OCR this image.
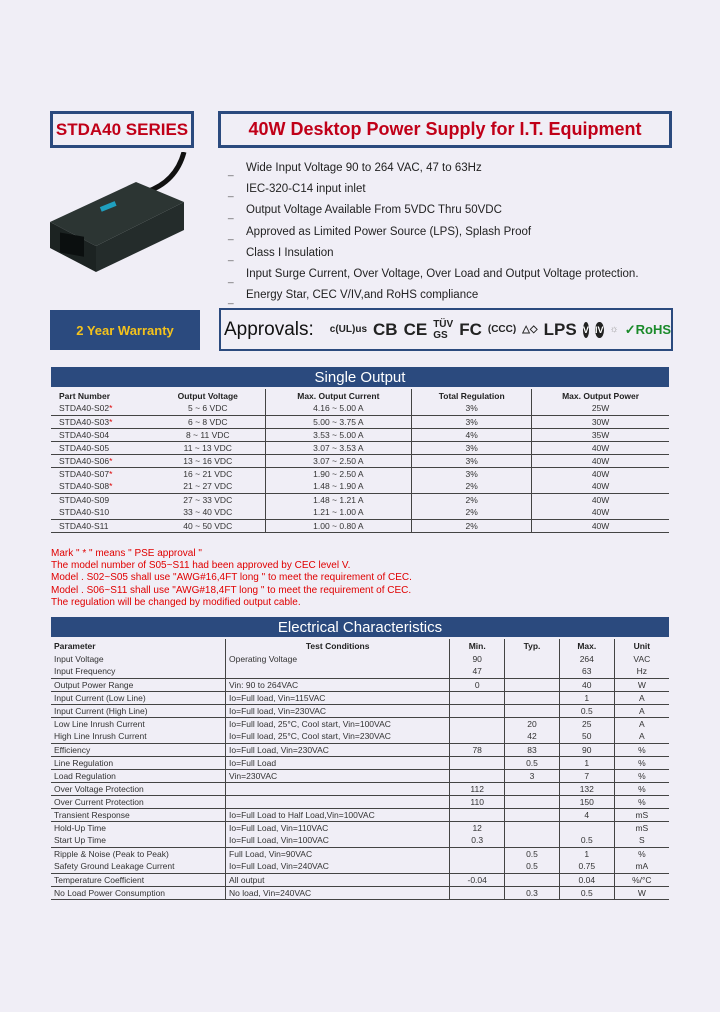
STDA40 SERIES	40W Desktop Power Supply for I.T. Equipment
_	Wide Input Voltage 90 to 264 VAC, 47 to 63Hz
_	IEC-320-C14 input inlet
_	Output Voltage Available From 5VDC Thru 50VDC
_	Approved as Limited Power Source (LPS), Splash Proof
_	Class I Insulation
_	Input Surge Current, Over Voltage, Over Load and Output Voltage protection.
_	Energy Star, CEC V/IV,and RoHS compliance
2 Year Warranty	Approvals: c(UL)us CB CE TÜV GS FC (CCC) △◇ LPS V IV ☼ ✓RoHS
Single Output
Part Number	Output Voltage	Max. Output Current	Total Regulation	Max. Output Power
STDA40-S02*	5 ~ 6 VDC	4.16 ~ 5.00 A	3%	25W
STDA40-S03*	6 ~ 8 VDC	5.00 ~ 3.75 A	3%	30W
STDA40-S04	8 ~ 11 VDC	3.53 ~ 5.00 A	4%	35W
STDA40-S05	11 ~ 13 VDC	3.07 ~ 3.53 A	3%	40W
STDA40-S06*	13 ~ 16 VDC	3.07 ~ 2.50 A	3%	40W
STDA40-S07*	16 ~ 21 VDC	1.90 ~ 2.50 A	3%	40W
STDA40-S08*	21 ~ 27 VDC	1.48 ~ 1.90 A	2%	40W
STDA40-S09	27 ~ 33 VDC	1.48 ~ 1.21 A	2%	40W
STDA40-S10	33 ~ 40 VDC	1.21 ~ 1.00 A	2%	40W
STDA40-S11	40 ~ 50 VDC	1.00 ~ 0.80 A	2%	40W
Mark " * " means " PSE approval "
The model number of S05~S11 had been approved by CEC level V.
Model . S02~S05 shall use "AWG#16,4FT long " to meet the requirement of CEC.
Model . S06~S11 shall use "AWG#18,4FT long " to meet the requirement of CEC.
The regulation will be changed by modified output cable.
Electrical Characteristics
Parameter	Test Conditions	Min.	Typ.	Max.	Unit
Input Voltage	Operating Voltage	90		264	VAC
Input Frequency		47		63	Hz
Output Power Range	Vin: 90 to 264VAC	0		40	W
Input Current (Low Line)	Io=Full load, Vin=115VAC			1	A
Input Current (High Line)	Io=Full load, Vin=230VAC			0.5	A
Low Line Inrush Current	Io=Full load, 25°C, Cool start, Vin=100VAC		20	25	A
High Line Inrush Current	Io=Full load, 25°C, Cool start, Vin=230VAC		42	50	A
Efficiency	Io=Full Load, Vin=230VAC	78	83	90	%
Line Regulation	Io=Full Load		0.5	1	%
Load Regulation	Vin=230VAC		3	7	%
Over Voltage Protection		112		132	%
Over Current Protection		110		150	%
Transient Response	Io=Full Load to Half Load,Vin=100VAC			4	mS
Hold-Up Time	Io=Full Load, Vin=110VAC	12			mS
Start Up Time	Io=Full Load, Vin=100VAC	0.3		0.5	S
Ripple & Noise (Peak to Peak)	Full Load, Vin=90VAC		0.5	1	%
Safety Ground Leakage Current	Io=Full Load, Vin=240VAC		0.5	0.75	mA
Temperature Coefficient	All output	-0.04		0.04	%/°C
No Load Power Consumption	No load, Vin=240VAC		0.3	0.5	W
